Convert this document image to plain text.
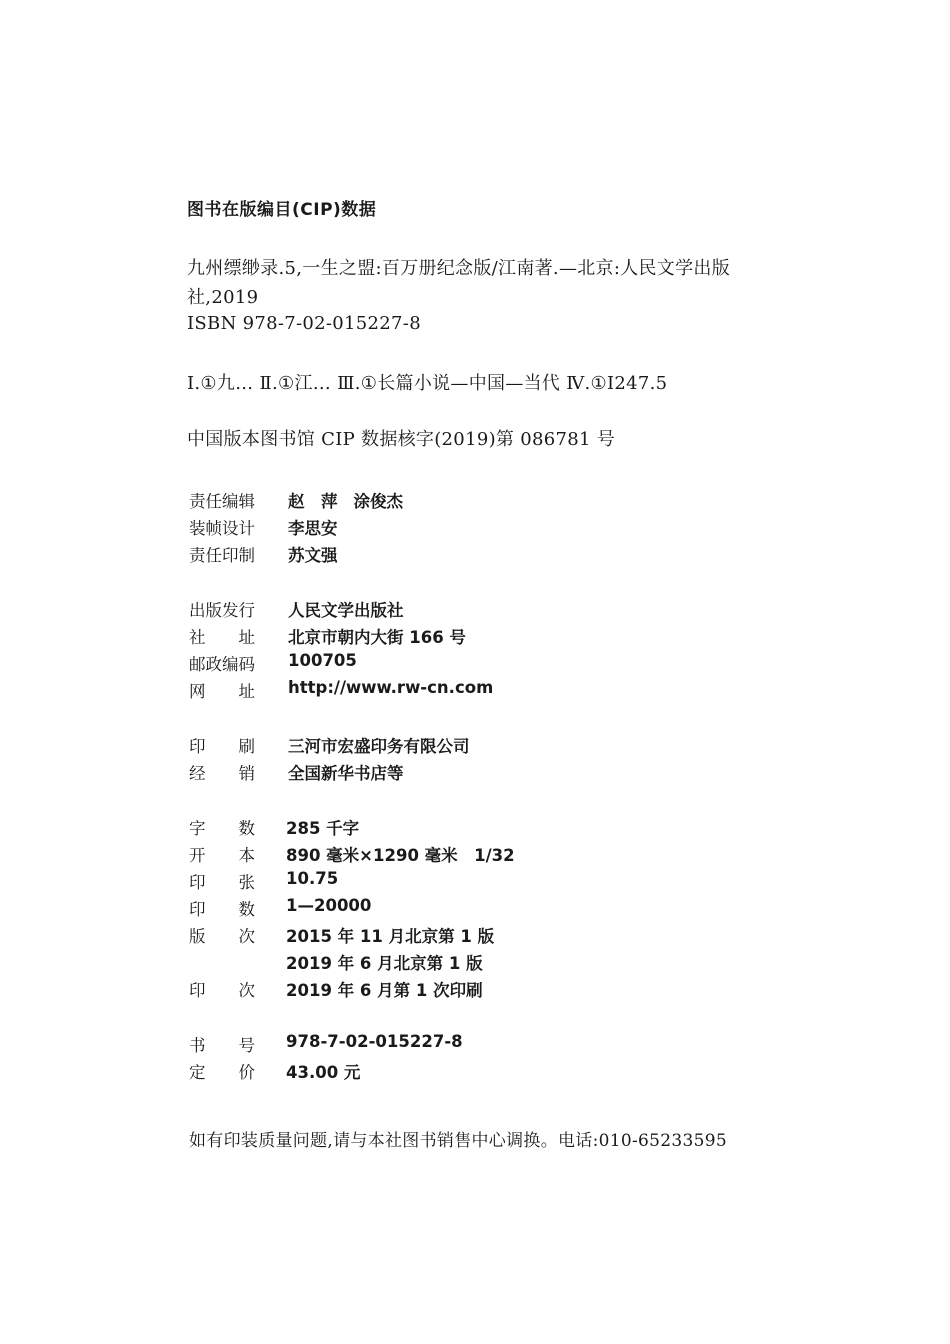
图书在版编目(CIP)数据
九州缥缈录.5,一生之盟:百万册纪念版/江南著.—北京:人民文学出版
社,2019
ISBN 978-7-02-015227-8
Ⅰ.①九… Ⅱ.①江… Ⅲ.①长篇小说—中国—当代 Ⅳ.①I247.5
中国版本图书馆 CIP 数据核字(2019)第 086781 号
责任编辑 赵　萍 涂俊杰
装帧设计 李思安
责任印制 苏文强
出版发行 人民文学出版社
社　　址 北京市朝内大街 166 号
邮政编码 100705
网　　址 http://www.rw-cn.com
印　　刷 三河市宏盛印务有限公司
经　　销 全国新华书店等
字　　数 285 千字
开　　本 890 毫米×1290 毫米　1/32
印　　张 10.75
印　　数 1—20000
版　　次 2015 年 11 月北京第 1 版
2019 年 6 月北京第 1 版
印　　次 2019 年 6 月第 1 次印刷
书　　号 978-7-02-015227-8
定　　价 43.00 元
如有印装质量问题,请与本社图书销售中心调换。电话:010-65233595
